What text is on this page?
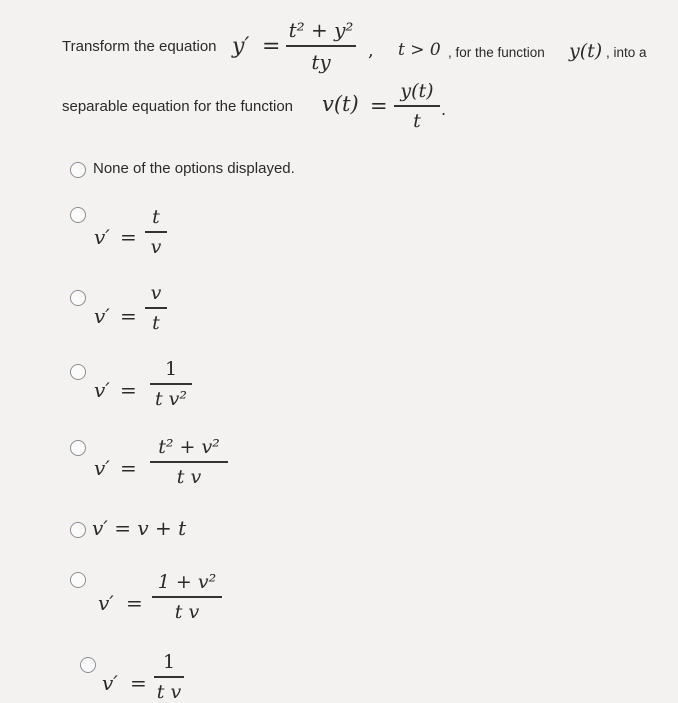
Transform the equation y′ =
t² + y²
ty	, t > 0 , for the function y(t) , into a
separable equation for the function v(t) =
y(t)
t	.
None of the options displayed.
v′ =
t
v
v′ =
v
t
v′ =
1
t v²
v′ =
t² + v²
t v
v′ = v + t
v′ =
1 + v²
t v
v′ =
1
t v
